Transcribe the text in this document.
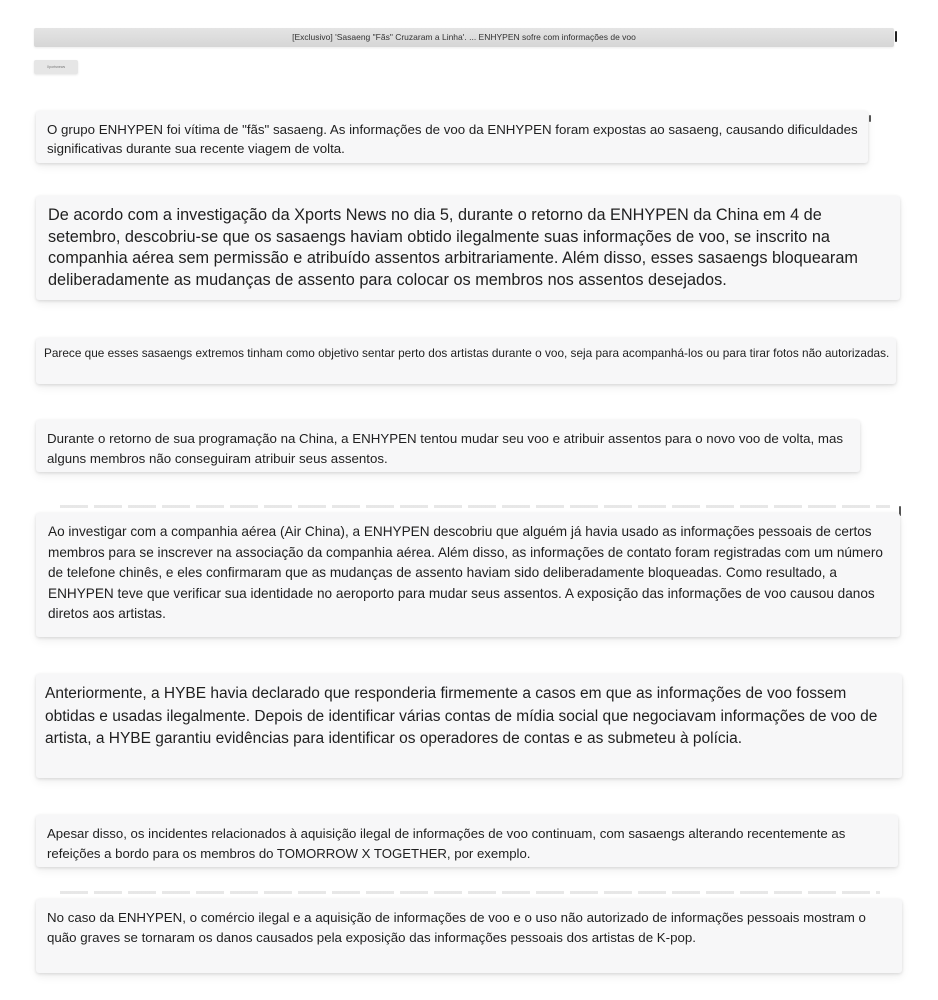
[Exclusivo] 'Sasaeng "Fãs" Cruzaram a Linha'. ... ENHYPEN sofre com informações de voo
Xportsnews

O grupo ENHYPEN foi vítima de "fãs" sasaeng. As informações de voo da ENHYPEN foram expostas ao sasaeng, causando dificuldades significativas durante sua recente viagem de volta.

De acordo com a investigação da Xports News no dia 5, durante o retorno da ENHYPEN da China em 4 de setembro, descobriu-se que os sasaengs haviam obtido ilegalmente suas informações de voo, se inscrito na companhia aérea sem permissão e atribuído assentos arbitrariamente. Além disso, esses sasaengs bloquearam deliberadamente as mudanças de assento para colocar os membros nos assentos desejados.

Parece que esses sasaengs extremos tinham como objetivo sentar perto dos artistas durante o voo, seja para acompanhá-los ou para tirar fotos não autorizadas.

Durante o retorno de sua programação na China, a ENHYPEN tentou mudar seu voo e atribuir assentos para o novo voo de volta, mas alguns membros não conseguiram atribuir seus assentos.

Ao investigar com a companhia aérea (Air China), a ENHYPEN descobriu que alguém já havia usado as informações pessoais de certos membros para se inscrever na associação da companhia aérea. Além disso, as informações de contato foram registradas com um número de telefone chinês, e eles confirmaram que as mudanças de assento haviam sido deliberadamente bloqueadas. Como resultado, a ENHYPEN teve que verificar sua identidade no aeroporto para mudar seus assentos. A exposição das informações de voo causou danos diretos aos artistas.

Anteriormente, a HYBE havia declarado que responderia firmemente a casos em que as informações de voo fossem obtidas e usadas ilegalmente. Depois de identificar várias contas de mídia social que negociavam informações de voo de artista, a HYBE garantiu evidências para identificar os operadores de contas e as submeteu à polícia.

Apesar disso, os incidentes relacionados à aquisição ilegal de informações de voo continuam, com sasaengs alterando recentemente as refeições a bordo para os membros do TOMORROW X TOGETHER, por exemplo.

No caso da ENHYPEN, o comércio ilegal e a aquisição de informações de voo e o uso não autorizado de informações pessoais mostram o quão graves se tornaram os danos causados pela exposição das informações pessoais dos artistas de K-pop.
